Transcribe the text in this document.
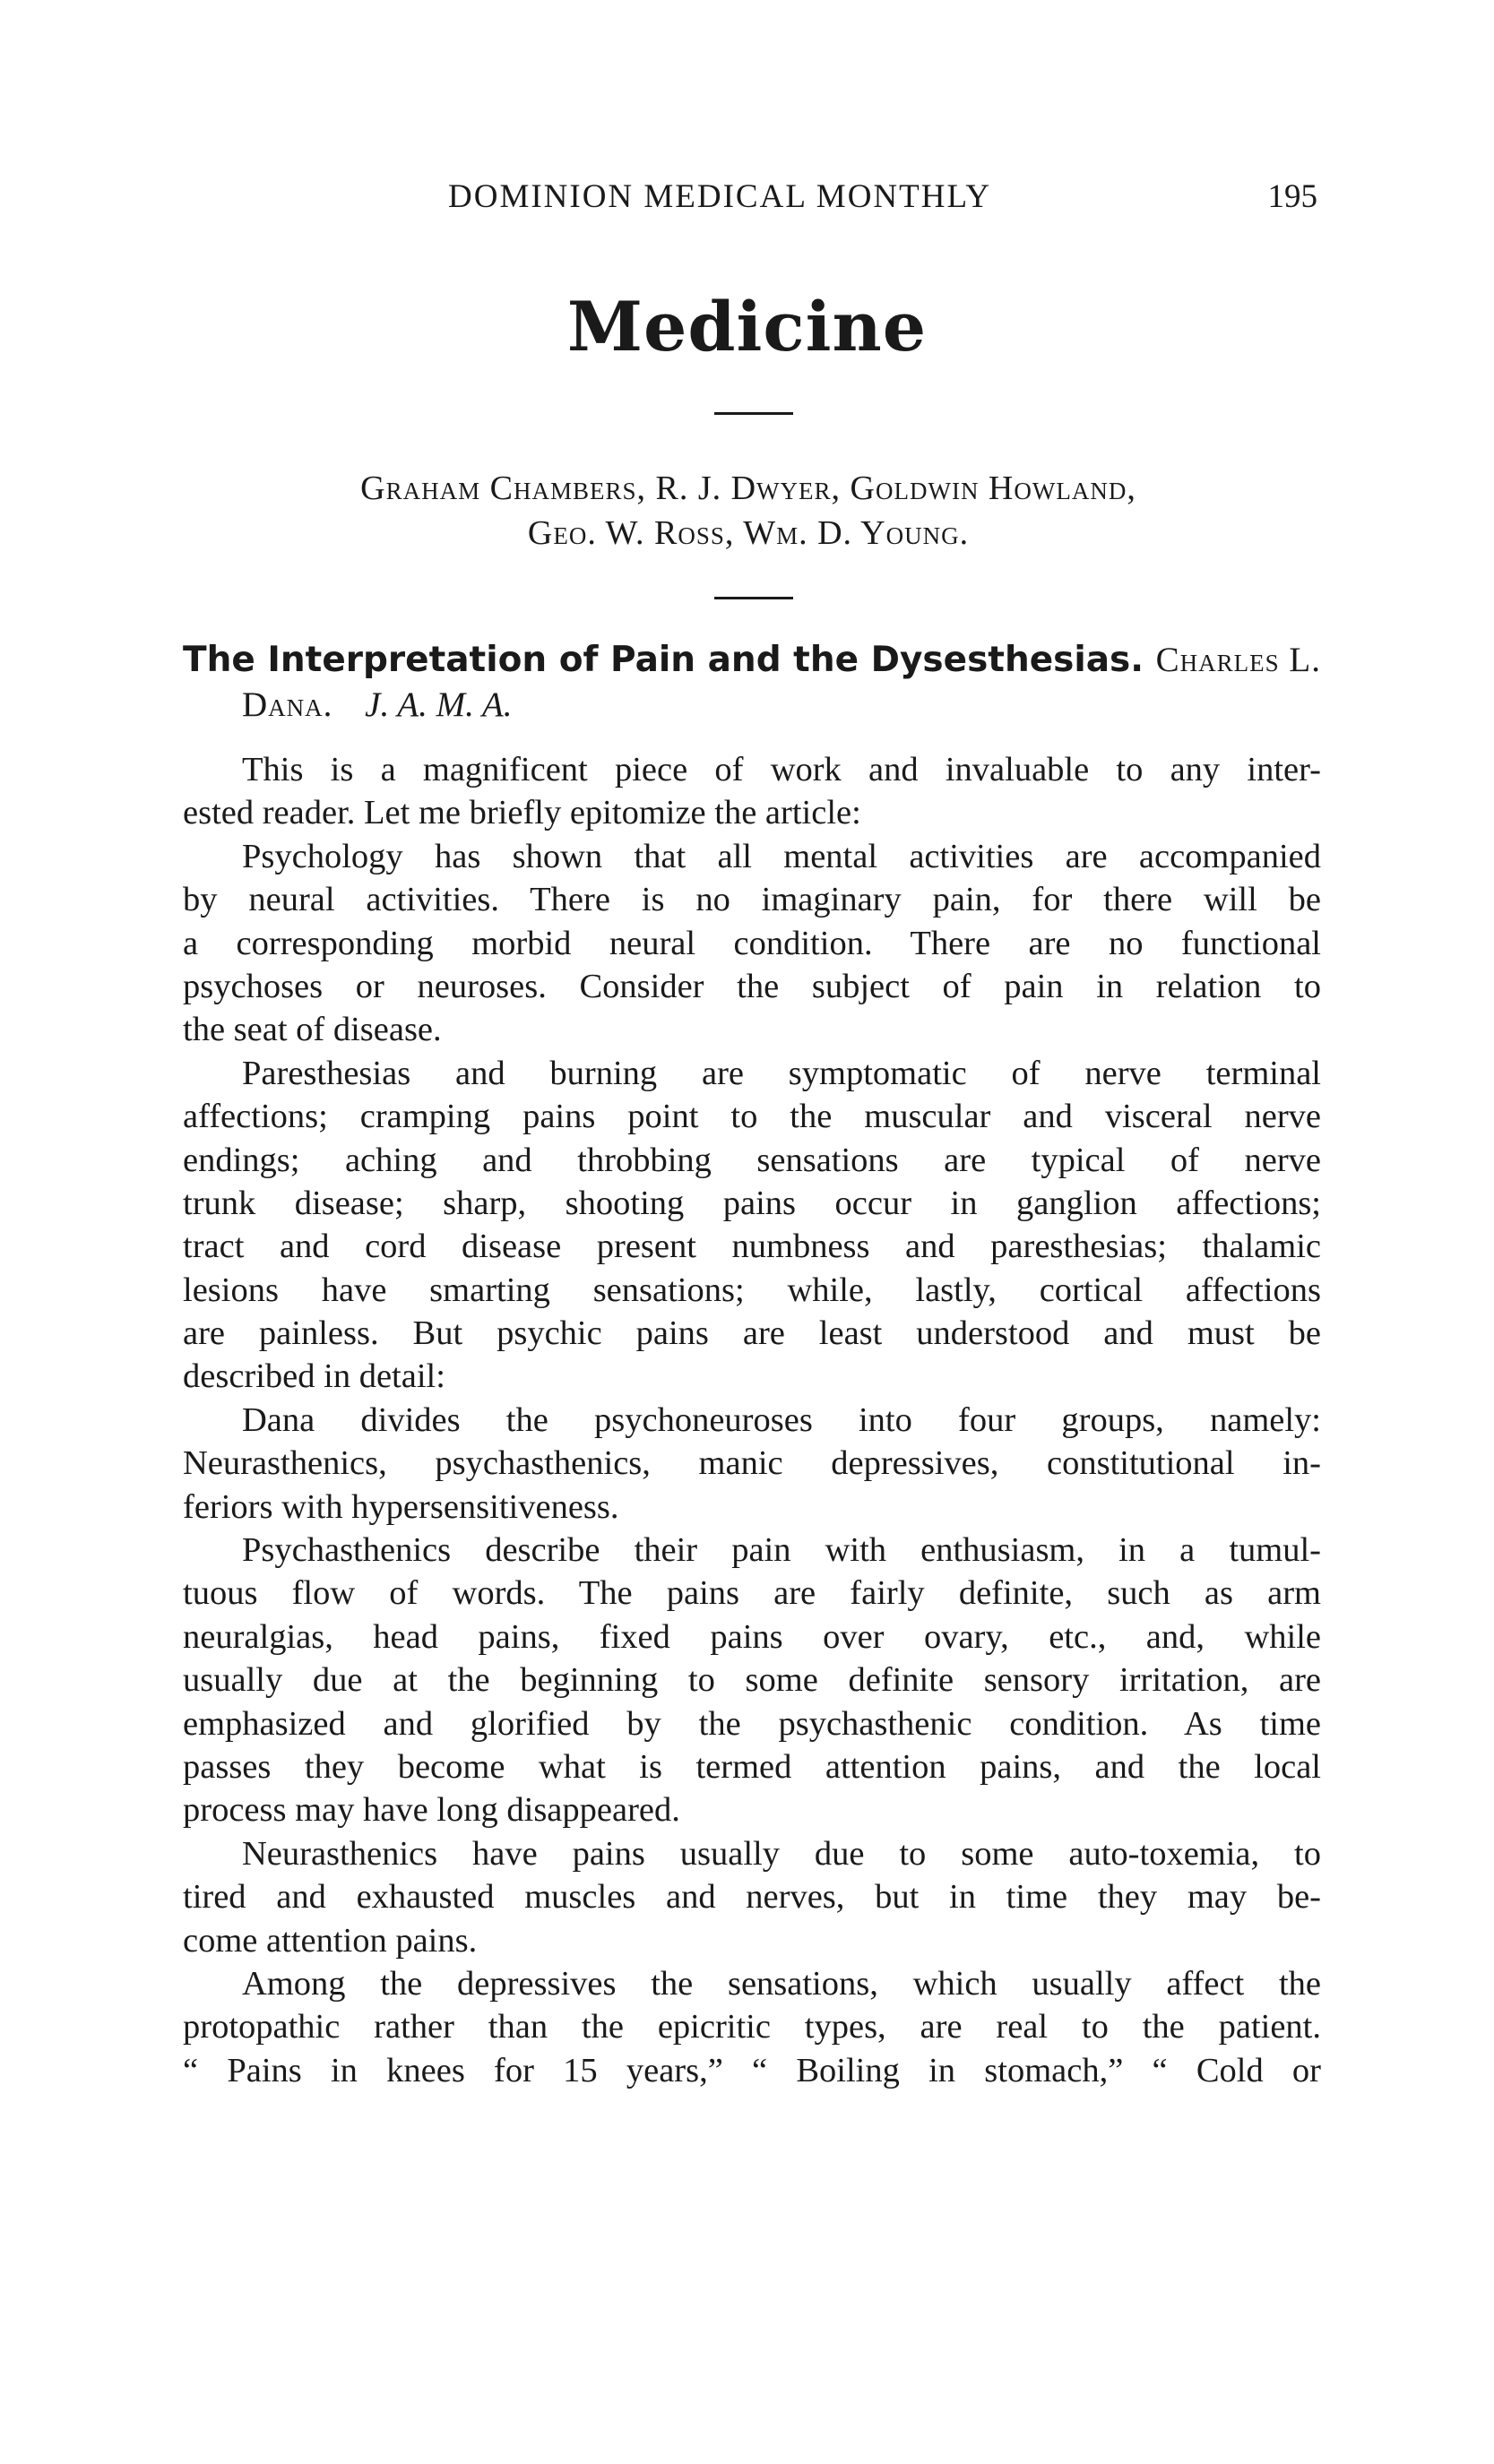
DOMINION MEDICAL MONTHLY	195
Medicine
Graham Chambers, R. J. Dwyer, Goldwin Howland,
Geo. W. Ross, Wm. D. Young.
The Interpretation of Pain and the Dysesthesias. Charles L.
Dana. J. A. M. A.

This is a magnificent piece of work and invaluable to any inter-
ested reader. Let me briefly epitomize the article:

Psychology has shown that all mental activities are accompanied
by neural activities. There is no imaginary pain, for there will be
a corresponding morbid neural condition. There are no functional
psychoses or neuroses. Consider the subject of pain in relation to
the seat of disease.

Paresthesias and burning are symptomatic of nerve terminal
affections; cramping pains point to the muscular and visceral nerve
endings; aching and throbbing sensations are typical of nerve
trunk disease; sharp, shooting pains occur in ganglion affections;
tract and cord disease present numbness and paresthesias; thalamic
lesions have smarting sensations; while, lastly, cortical affections
are painless. But psychic pains are least understood and must be
described in detail:

Dana divides the psychoneuroses into four groups, namely:
Neurasthenics, psychasthenics, manic depressives, constitutional in-
feriors with hypersensitiveness.

Psychasthenics describe their pain with enthusiasm, in a tumul-
tuous flow of words. The pains are fairly definite, such as arm
neuralgias, head pains, fixed pains over ovary, etc., and, while
usually due at the beginning to some definite sensory irritation, are
emphasized and glorified by the psychasthenic condition. As time
passes they become what is termed attention pains, and the local
process may have long disappeared.

Neurasthenics have pains usually due to some auto-toxemia, to
tired and exhausted muscles and nerves, but in time they may be-
come attention pains.

Among the depressives the sensations, which usually affect the
protopathic rather than the epicritic types, are real to the patient.
“ Pains in knees for 15 years,” “ Boiling in stomach,” “ Cold or
